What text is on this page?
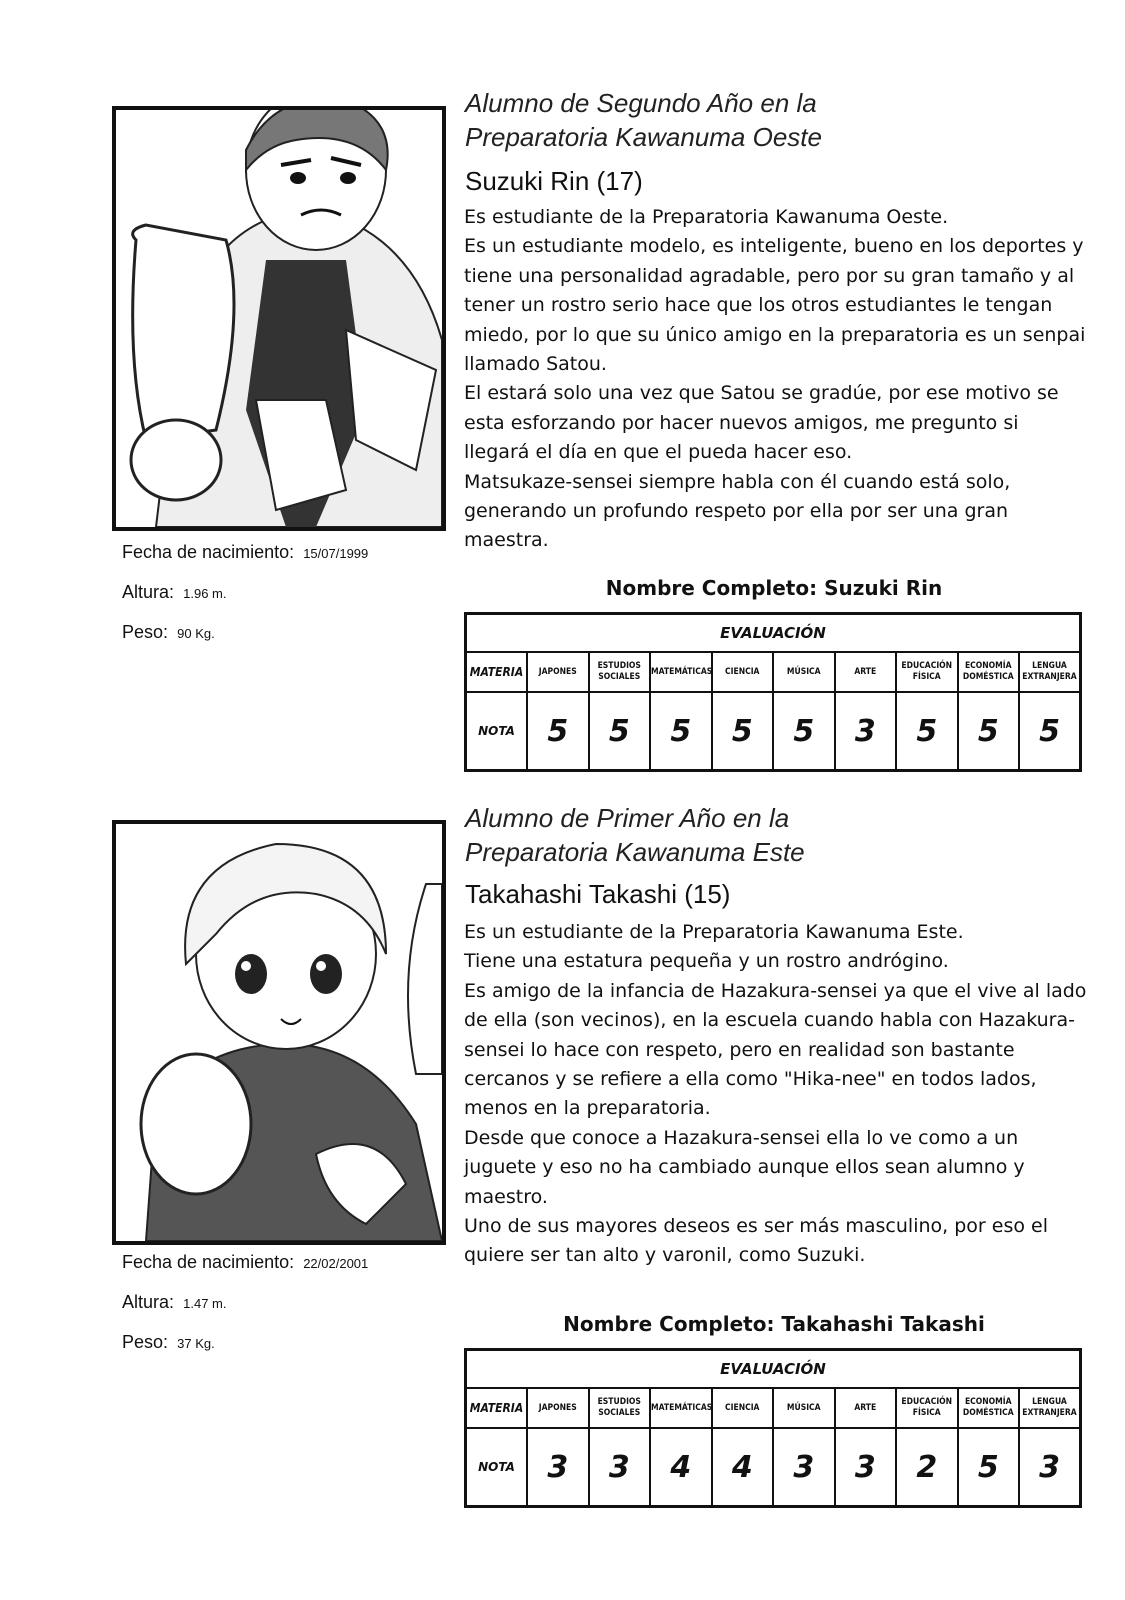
Fecha de nacimiento: 15/07/1999
Altura: 1.96 m.
Peso: 90 Kg.
Alumno de Segundo Año en la
Preparatoria Kawanuma Oeste
Suzuki Rin (17)

Es estudiante de la Preparatoria Kawanuma Oeste.

Es un estudiante modelo, es inteligente, bueno en los deportes y tiene una personalidad agradable, pero por su gran tamaño y al tener un rostro serio hace que los otros estudiantes le tengan miedo, por lo que su único amigo en la preparatoria es un senpai llamado Satou.

El estará solo una vez que Satou se gradúe, por ese motivo se esta esforzando por hacer nuevos amigos, me pregunto si llegará el día en que el pueda hacer eso.

Matsukaze-sensei siempre habla con él cuando está solo, generando un profundo respeto por ella por ser una gran maestra.

Nombre Completo: Suzuki Rin
EVALUACIÓN									
MATERIA	JAPONES	ESTUDIOS SOCIALES	MATEMÁTICAS	CIENCIA	MÚSICA	ARTE	EDUCACIÓN FÍSICA	ECONOMÍA DOMÉSTICA	LENGUA EXTRANJERA
NOTA	5	5	5	5	5	3	5	5	5
Fecha de nacimiento: 22/02/2001
Altura: 1.47 m.
Peso: 37 Kg.
Alumno de Primer Año en la
Preparatoria Kawanuma Este
Takahashi Takashi (15)

Es un estudiante de la Preparatoria Kawanuma Este.

Tiene una estatura pequeña y un rostro andrógino.

Es amigo de la infancia de Hazakura-sensei ya que el vive al lado de ella (son vecinos), en la escuela cuando habla con Hazakura-sensei lo hace con respeto, pero en realidad son bastante cercanos y se refiere a ella como "Hika-nee" en todos lados, menos en la preparatoria.

Desde que conoce a Hazakura-sensei ella lo ve como a un juguete y eso no ha cambiado aunque ellos sean alumno y maestro.

Uno de sus mayores deseos es ser más masculino, por eso el quiere ser tan alto y varonil, como Suzuki.

Nombre Completo: Takahashi Takashi
EVALUACIÓN									
MATERIA	JAPONES	ESTUDIOS SOCIALES	MATEMÁTICAS	CIENCIA	MÚSICA	ARTE	EDUCACIÓN FÍSICA	ECONOMÍA DOMÉSTICA	LENGUA EXTRANJERA
NOTA	3	3	4	4	3	3	2	5	3
